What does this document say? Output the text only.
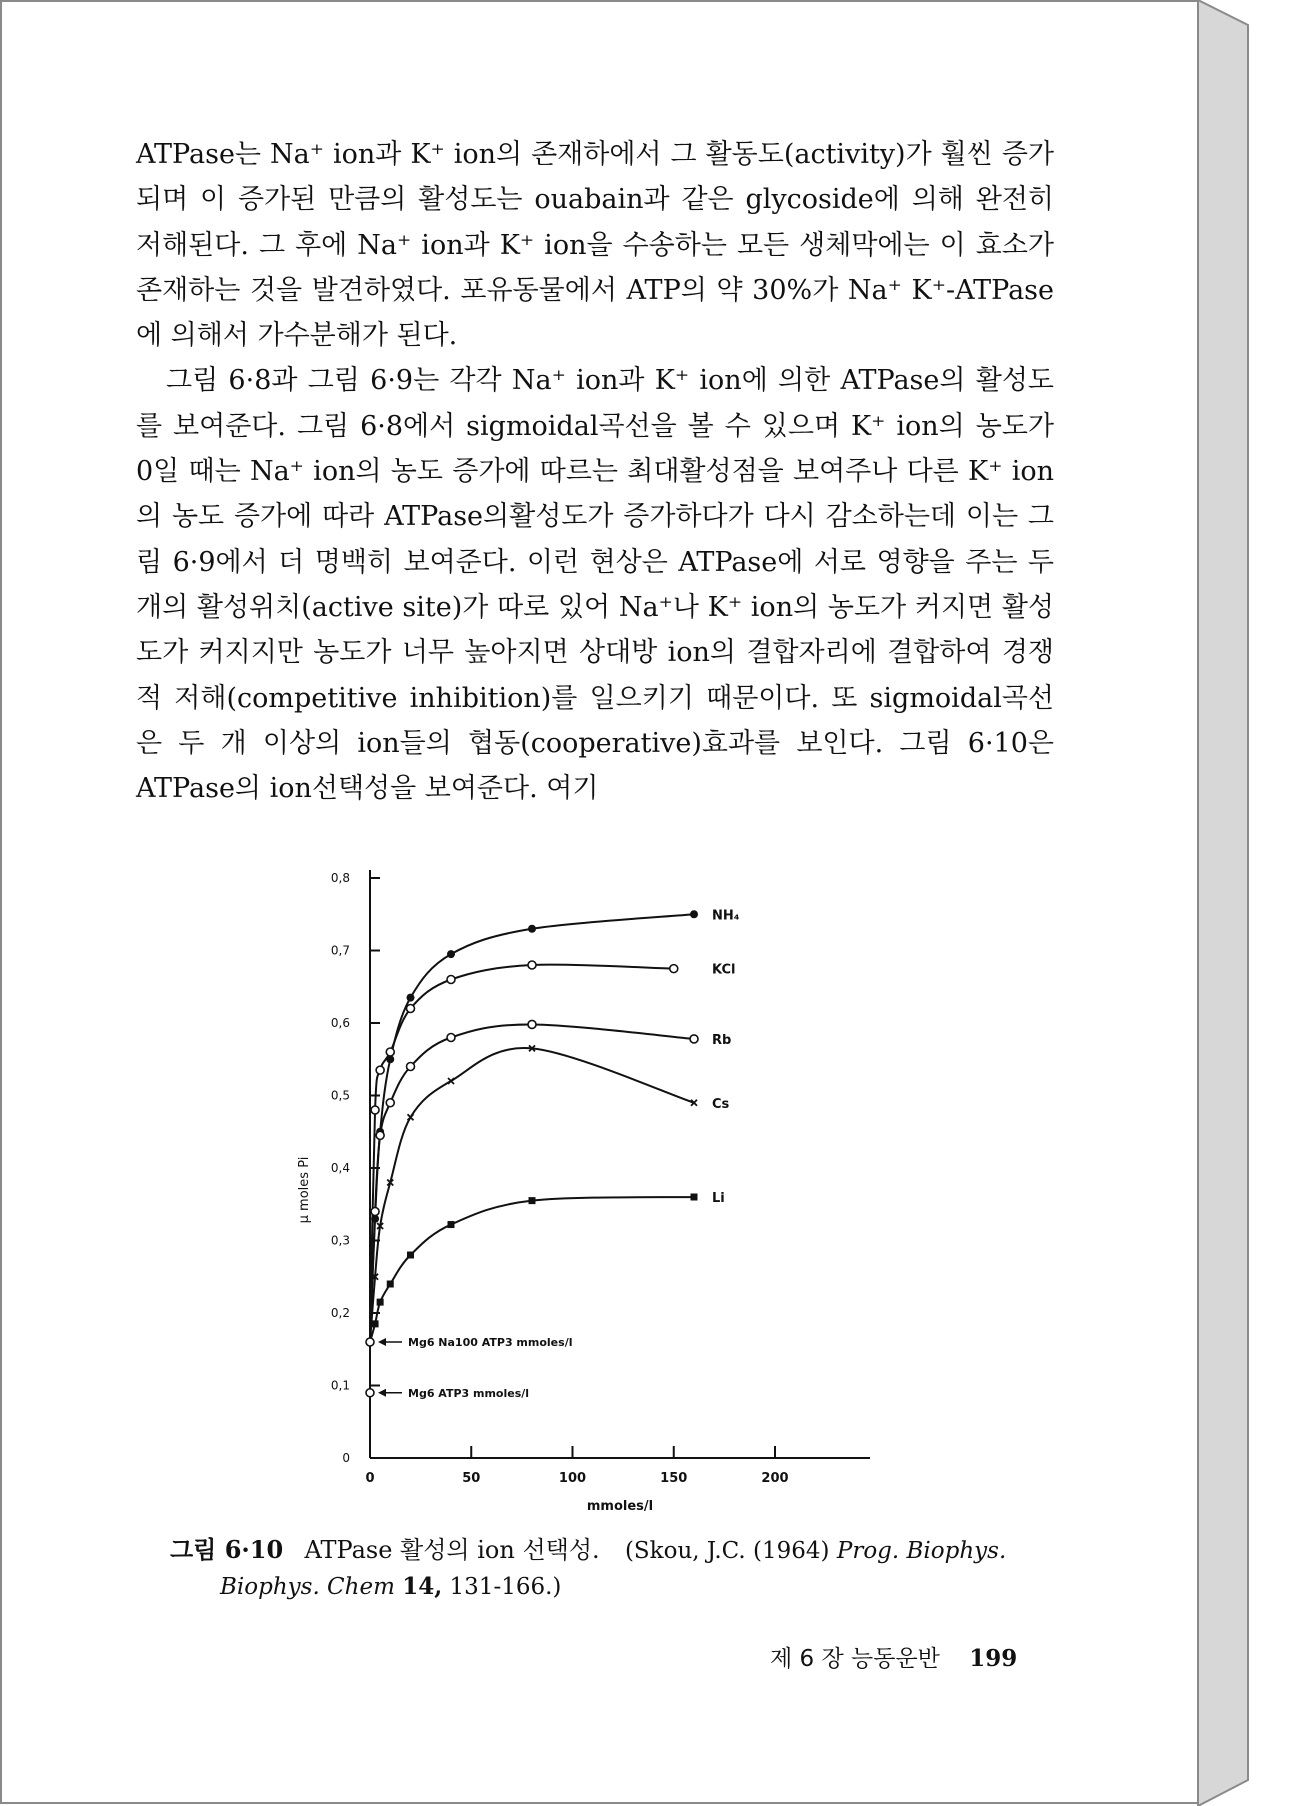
ATPase는 Na⁺ ion과 K⁺ ion의 존재하에서 그 활동도(activity)가 훨씬 증가되며 이 증가된 만큼의 활성도는 ouabain과 같은 glycoside에 의해 완전히 저해된다. 그 후에 Na⁺ ion과 K⁺ ion을 수송하는 모든 생체막에는 이 효소가 존재하는 것을 발견하였다. 포유동물에서 ATP의 약 30%가 Na⁺ K⁺-ATPase에 의해서 가수분해가 된다.

그림 6·8과 그림 6·9는 각각 Na⁺ ion과 K⁺ ion에 의한 ATPase의 활성도를 보여준다. 그림 6·8에서 sigmoidal곡선을 볼 수 있으며 K⁺ ion의 농도가 0일 때는 Na⁺ ion의 농도 증가에 따르는 최대활성점을 보여주나 다른 K⁺ ion의 농도 증가에 따라 ATPase의활성도가 증가하다가 다시 감소하는데 이는 그림 6·9에서 더 명백히 보여준다. 이런 현상은 ATPase에 서로 영향을 주는 두 개의 활성위치(active site)가 따로 있어 Na⁺나 K⁺ ion의 농도가 커지면 활성도가 커지지만 농도가 너무 높아지면 상대방 ion의 결합자리에 결합하여 경쟁적 저해(competitive inhibition)를 일으키기 때문이다. 또 sigmoidal곡선은 두 개 이상의 ion들의 협동(cooperative)효과를 보인다. 그림 6·10은 ATPase의 ion선택성을 보여준다. 여기

0
0,1
0,2
0,3
0,4
0,5
0,6
0,7
0,8
0	50	100	150	200
μ moles Pi
mmoles/l
NH₄
KCl
Rb
Cs
Li
Mg6 Na100 ATP3 mmoles/l
Mg6 ATP3 mmoles/l
그림 6·10 ATPase 활성의 ion 선택성. (Skou, J.C. (1964) Prog. Biophys.
Biophys. Chem 14, 131-166.)
제 6 장 능동운반 199
